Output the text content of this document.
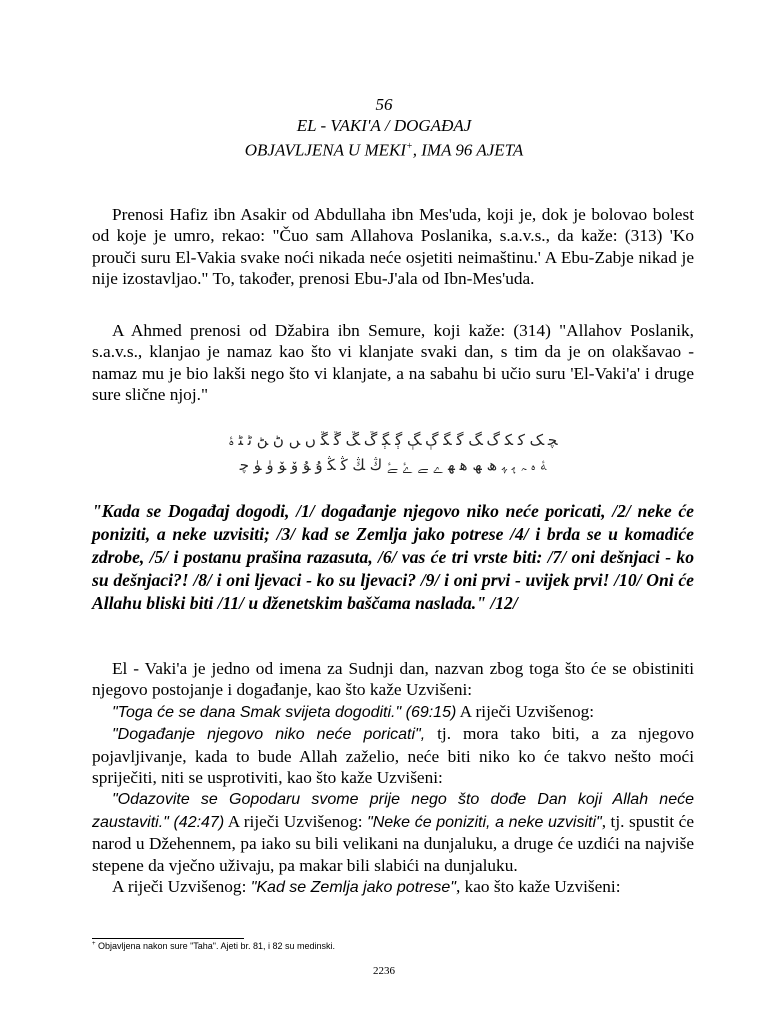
56
EL - VAKI'A / DOGAĐAJ
OBJAVLJENA U MEKI+, IMA 96 AJETA

Prenosi Hafiz ibn Asakir od Abdullaha ibn Mes'uda, koji je, dok je bolovao bolest od koje je umro, rekao: "Čuo sam Allahova Poslanika, s.a.v.s., da kaže: (313) 'Ko prouči suru El-Vakia svake noći nikada neće osjetiti neimaštinu.' A Ebu-Zabje nikad je nije izostavljao." To, također, prenosi Ebu-J'ala od Ibn-Mes'uda.

A Ahmed prenosi od Džabira ibn Semure, koji kaže: (314) "Allahov Poslanik, s.a.v.s., klanjao je namaz kao što vi klanjate svaki dan, s tim da je on olakšavao - namaz mu je bio lakši nego što vi klanjate, a na sabahu bi učio suru 'El-Vaki'a' i druge sure slične njoj."

ﭽ ﮏ ﮐ ﮑ ﮒ ﮓ ﮔ ﮕ ﮖ ﮗ ﮘ ﮙ ﮚ ﮛ ﮜ ﮝ ﮞ ﮟ ﮠ ﮡ ﮢ ﮣ ﮤ
ﮥ ﮦ ﮧ ﮨ ﮩ ﮪ ﮫ ﮬ ﮭ ﮮ ﮯ ﮰ ﮱ ﯓ ﯔ ﯕ ﯖ ﯗ ﯘ ﯙ ﯚ ﯛ ﯜ ﭼ
"Kada se Događaj dogodi, /1/ događanje njegovo niko neće poricati, /2/ neke će poniziti, a neke uzvisiti; /3/ kad se Zemlja jako potrese /4/ i brda se u komadiće zdrobe, /5/ i postanu prašina razasuta, /6/ vas će tri vrste biti: /7/ oni dešnjaci - ko su dešnjaci?! /8/ i oni ljevaci - ko su ljevaci? /9/ i oni prvi - uvijek prvi! /10/ Oni će Allahu bliski biti /11/ u dženetskim baščama naslada." /12/

El - Vaki'a je jedno od imena za Sudnji dan, nazvan zbog toga što će se obistiniti njegovo postojanje i događanje, kao što kaže Uzvišeni:

"Toga će se dana Smak svijeta dogoditi." (69:15) A riječi Uzvišenog:

"Događanje njegovo niko neće poricati", tj. mora tako biti, a za njegovo pojavljivanje, kada to bude Allah zaželio, neće biti niko ko će takvo nešto moći spriječiti, niti se usprotiviti, kao što kaže Uzvišeni:

"Odazovite se Gopodaru svome prije nego što dođe Dan koji Allah neće zaustaviti." (42:47) A riječi Uzvišenog: "Neke će poniziti, a neke uzvisiti", tj. spustit će narod u Džehennem, pa iako su bili velikani na dunjaluku, a druge će uzdići na najviše stepene da vječno uživaju, pa makar bili slabići na dunjaluku.

A riječi Uzvišenog: "Kad se Zemlja jako potrese", kao što kaže Uzvišeni:

+ Objavljena nakon sure "Taha". Ajeti br. 81, i 82 su medinski.
2236
